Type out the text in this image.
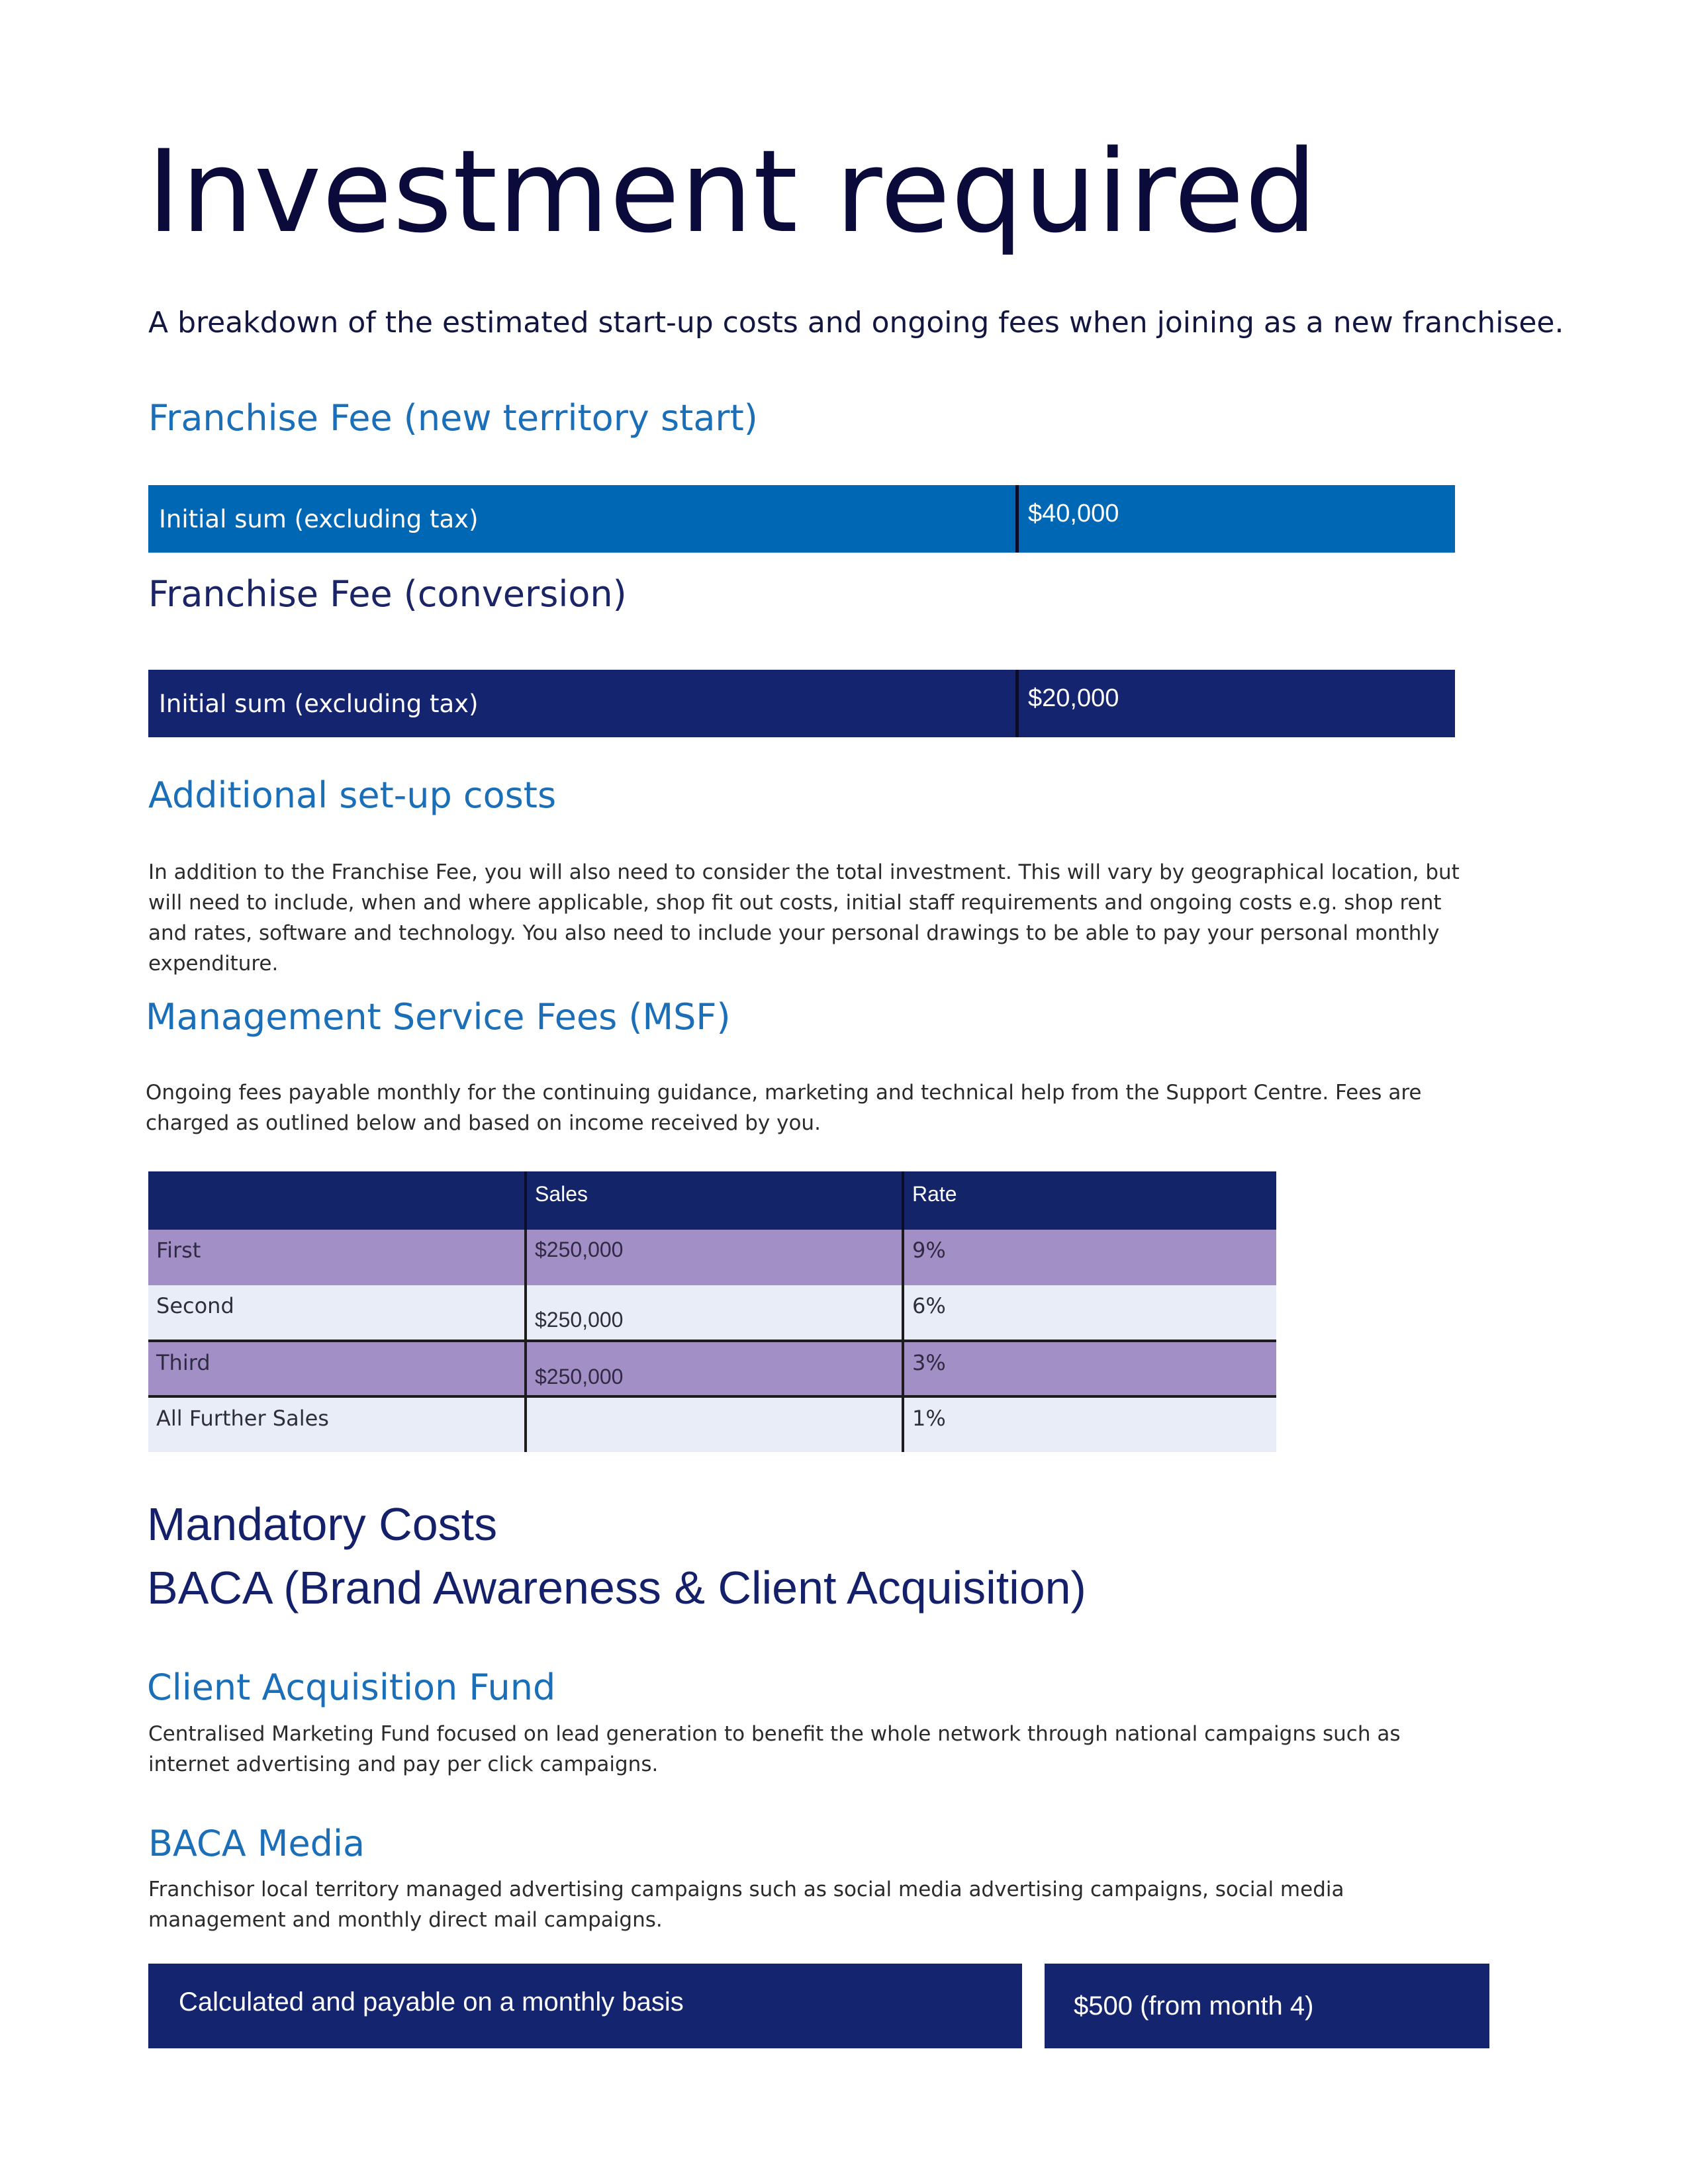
Investment required

A breakdown of the estimated start-up costs and ongoing fees when joining as a new franchisee.

Franchise Fee (new territory start)
Initial sum (excluding tax)	$40,000
Franchise Fee (conversion)
Initial sum (excluding tax)	$20,000
Additional set-up costs

In addition to the Franchise Fee, you will also need to consider the total investment. This will vary by geographical location, but will need to include, when and where applicable, shop fit out costs, initial staff requirements and ongoing costs e.g. shop rent and rates, software and technology. You also need to include your personal drawings to be able to pay your personal monthly expenditure.

Management Service Fees (MSF)

Ongoing fees payable monthly for the continuing guidance, marketing and technical help from the Support Centre. Fees are charged as outlined below and based on income received by you.

	Sales	Rate
First	$250,000	9%
Second	$250,000	6%
Third	$250,000	3%
All Further Sales		1%
Mandatory Costs
BACA (Brand Awareness & Client Acquisition)
Client Acquisition Fund

Centralised Marketing Fund focused on lead generation to benefit the whole network through national campaigns such as internet advertising and pay per click campaigns.

BACA Media

Franchisor local territory managed advertising campaigns such as social media advertising campaigns, social media management and monthly direct mail campaigns.

Calculated and payable on a monthly basis	$500 (from month 4)
